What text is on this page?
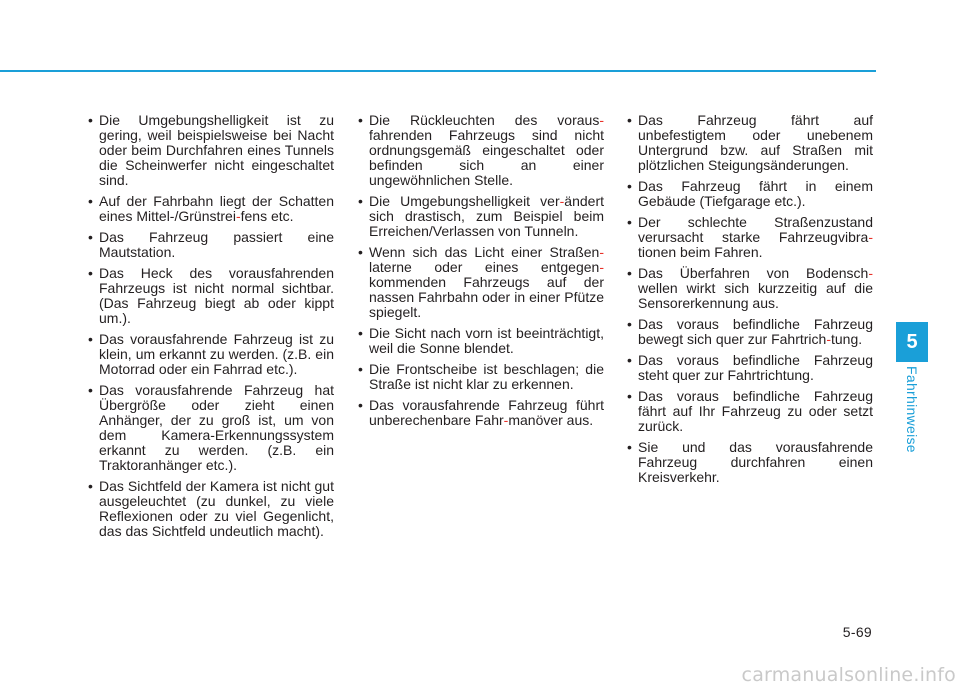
• Die Umgebungshelligkeit ist zu gering, weil beispielsweise bei Nacht oder beim Durchfahren eines Tunnels die Scheinwerfer nicht eingeschaltet sind.
• Auf der Fahrbahn liegt der Schatten eines Mittel-/Grünstrei-fens etc.
• Das Fahrzeug passiert eine Mautstation.
• Das Heck des vorausfahrenden Fahrzeugs ist nicht normal sichtbar. (Das Fahrzeug biegt ab oder kippt um.).
• Das vorausfahrende Fahrzeug ist zu klein, um erkannt zu werden. (z.B. ein Motorrad oder ein Fahrrad etc.).
• Das vorausfahrende Fahrzeug hat Übergröße oder zieht einen Anhänger, der zu groß ist, um von dem Kamera-Erkennungssystem erkannt zu werden. (z.B. ein Traktoranhänger etc.).
• Das Sichtfeld der Kamera ist nicht gut ausgeleuchtet (zu dunkel, zu viele Reflexionen oder zu viel Gegenlicht, das das Sichtfeld undeutlich macht).
• Die Rückleuchten des voraus-fahrenden Fahrzeugs sind nicht ordnungsgemäß eingeschaltet oder befinden sich an einer ungewöhnlichen Stelle.
• Die Umgebungshelligkeit ver-ändert sich drastisch, zum Beispiel beim Erreichen/Verlassen von Tunneln.
• Wenn sich das Licht einer Straßen-laterne oder eines entgegen-kommenden Fahrzeugs auf der nassen Fahrbahn oder in einer Pfütze spiegelt.
• Die Sicht nach vorn ist beeinträchtigt, weil die Sonne blendet.
• Die Frontscheibe ist beschlagen; die Straße ist nicht klar zu erkennen.
• Das vorausfahrende Fahrzeug führt unberechenbare Fahr-manöver aus.
• Das Fahrzeug fährt auf unbefestigtem oder unebenem Untergrund bzw. auf Straßen mit plötzlichen Steigungsänderungen.
• Das Fahrzeug fährt in einem Gebäude (Tiefgarage etc.).
• Der schlechte Straßenzustand verursacht starke Fahrzeugvibra-tionen beim Fahren.
• Das Überfahren von Bodensch-wellen wirkt sich kurzzeitig auf die Sensorerkennung aus.
• Das voraus befindliche Fahrzeug bewegt sich quer zur Fahrtrich-tung.
• Das voraus befindliche Fahrzeug steht quer zur Fahrtrichtung.
• Das voraus befindliche Fahrzeug fährt auf Ihr Fahrzeug zu oder setzt zurück.
• Sie und das vorausfahrende Fahrzeug durchfahren einen Kreisverkehr.
5
Fahrhinweise
5-69
carmanualsonline.info
